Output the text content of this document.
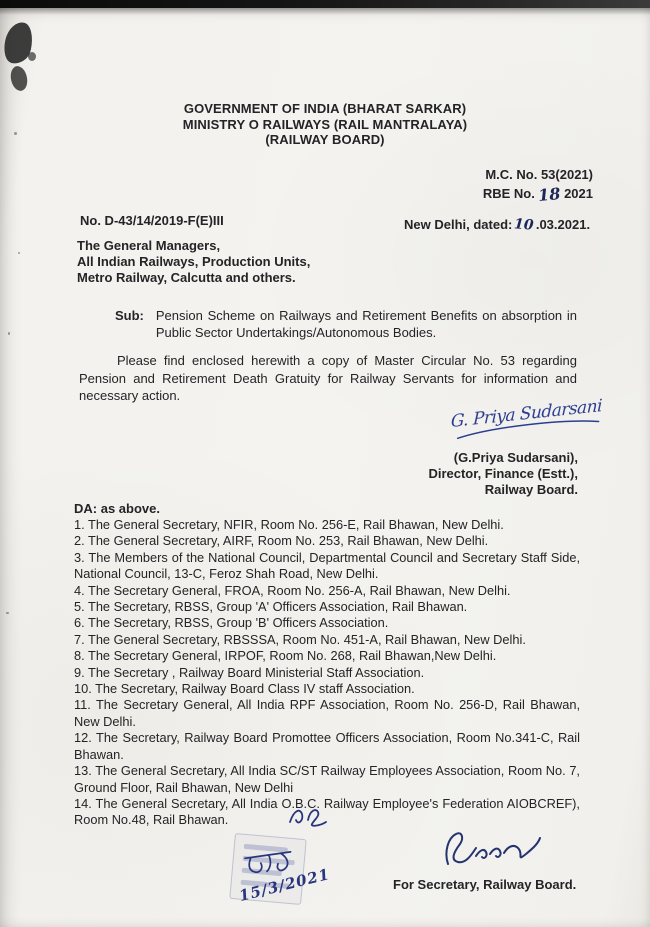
GOVERNMENT OF INDIA (BHARAT SARKAR)
MINISTRY O RAILWAYS (RAIL MANTRALAYA)
(RAILWAY BOARD)
M.C. No. 53(2021)
RBE No. 18 2021
No. D-43/14/2019-F(E)III	New Delhi, dated:10.03.2021.
The General Managers,
All Indian Railways, Production Units,
Metro Railway, Calcutta and others.
Sub: Pension Scheme on Railways and Retirement Benefits on absorption in Public Sector Undertakings/Autonomous Bodies.
Please find enclosed herewith a copy of Master Circular No. 53 regarding Pension and Retirement Death Gratuity for Railway Servants for information and necessary action.
G. Priya Sudarsani
(G.Priya Sudarsani),
Director, Finance (Estt.),
Railway Board.
DA: as above.
1. The General Secretary, NFIR, Room No. 256-E, Rail Bhawan, New Delhi.
2. The General Secretary, AIRF, Room No. 253, Rail Bhawan, New Delhi.
3. The Members of the National Council, Departmental Council and Secretary Staff Side, National Council, 13-C, Feroz Shah Road, New Delhi.
4. The Secretary General, FROA, Room No. 256-A, Rail Bhawan, New Delhi.
5. The Secretary, RBSS, Group 'A' Officers Association, Rail Bhawan.
6. The Secretary, RBSS, Group 'B' Officers Association.
7. The General Secretary, RBSSSA, Room No. 451-A, Rail Bhawan, New Delhi.
8. The Secretary General, IRPOF, Room No. 268, Rail Bhawan,New Delhi.
9. The Secretary , Railway Board Ministerial Staff Association.
10. The Secretary, Railway Board Class IV staff Association.
11. The Secretary General, All India RPF Association, Room No. 256-D, Rail Bhawan, New Delhi.
12. The Secretary, Railway Board Promottee Officers Association, Room No.341-C, Rail Bhawan.
13. The General Secretary, All India SC/ST Railway Employees Association, Room No. 7, Ground Floor, Rail Bhawan, New Delhi
14. The General Secretary, All India O.B.C. Railway Employee's Federation AIOBCREF), Room No.48, Rail Bhawan.
15/3/2021	For Secretary, Railway Board.
